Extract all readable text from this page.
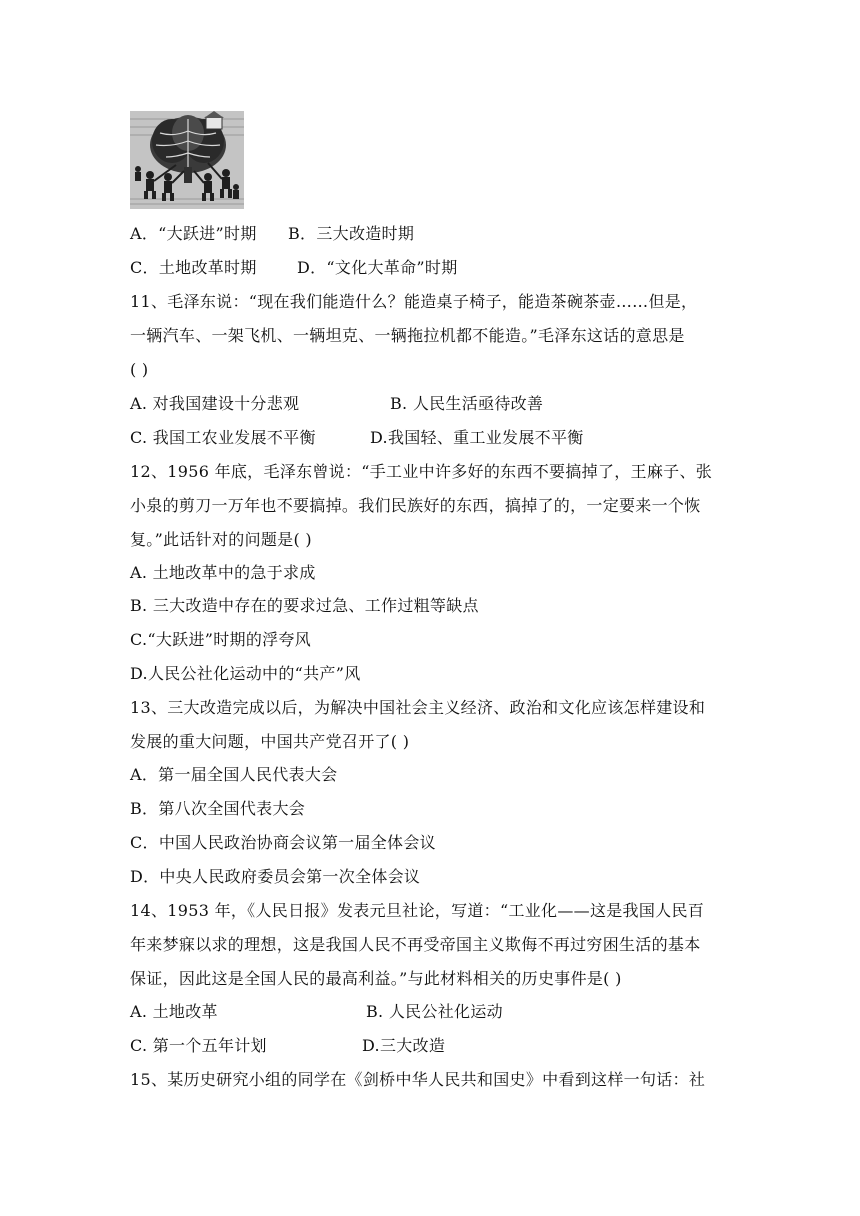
A．“大跃进”时期 B．三大改造时期
C．土地改革时期	D．“文化大革命”时期
11、毛泽东说：“现在我们能造什么？能造桌子椅子，能造茶碗茶壶……但是，
一辆汽车、一架飞机、一辆坦克、一辆拖拉机都不能造。”毛泽东这话的意思是
( )
A. 对我国建设十分悲观	B. 人民生活亟待改善
C. 我国工农业发展不平衡	D.我国轻、重工业发展不平衡
12、1956 年底，毛泽东曾说：“手工业中许多好的东西不要搞掉了，王麻子、张
小泉的剪刀一万年也不要搞掉。我们民族好的东西，搞掉了的，一定要来一个恢
复。”此话针对的问题是( )
A. 土地改革中的急于求成
B. 三大改造中存在的要求过急、工作过粗等缺点
C.“大跃进”时期的浮夸风
D.人民公社化运动中的“共产”风
13、三大改造完成以后，为解决中国社会主义经济、政治和文化应该怎样建设和
发展的重大问题，中国共产党召开了( )
A．第一届全国人民代表大会
B．第八次全国代表大会
C．中国人民政治协商会议第一届全体会议
D．中央人民政府委员会第一次全体会议
14、1953 年，《人民日报》发表元旦社论，写道：“工业化——这是我国人民百
年来梦寐以求的理想，这是我国人民不再受帝国主义欺侮不再过穷困生活的基本
保证，因此这是全国人民的最高利益。”与此材料相关的历史事件是( )
A. 土地改革	B. 人民公社化运动
C. 第一个五年计划	D.三大改造
15、某历史研究小组的同学在《剑桥中华人民共和国史》中看到这样一句话：社
